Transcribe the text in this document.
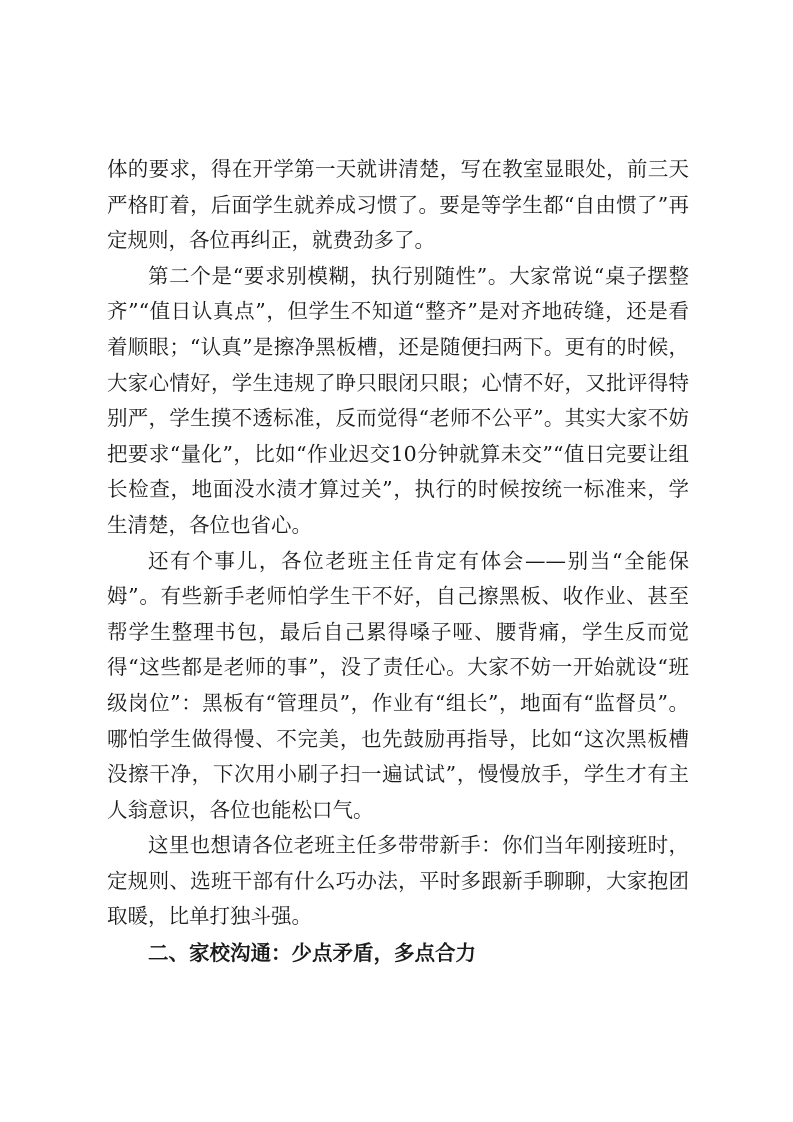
体的要求，得在开学第一天就讲清楚，写在教室显眼处，前三天严格盯着，后面学生就养成习惯了。要是等学生都“自由惯了”再定规则，各位再纠正，就费劲多了。

第二个是“要求别模糊，执行别随性”。大家常说“桌子摆整齐”“值日认真点”，但学生不知道“整齐”是对齐地砖缝，还是看着顺眼；“认真”是擦净黑板槽，还是随便扫两下。更有的时候，大家心情好，学生违规了睁只眼闭只眼；心情不好，又批评得特别严，学生摸不透标准，反而觉得“老师不公平”。其实大家不妨把要求“量化”，比如“作业迟交10分钟就算未交”“值日完要让组长检查，地面没水渍才算过关”，执行的时候按统一标准来，学生清楚，各位也省心。

还有个事儿，各位老班主任肯定有体会——别当“全能保姆”。有些新手老师怕学生干不好，自己擦黑板、收作业、甚至帮学生整理书包，最后自己累得嗓子哑、腰背痛，学生反而觉得“这些都是老师的事”，没了责任心。大家不妨一开始就设“班级岗位”：黑板有“管理员”，作业有“组长”，地面有“监督员”。哪怕学生做得慢、不完美，也先鼓励再指导，比如“这次黑板槽没擦干净，下次用小刷子扫一遍试试”，慢慢放手，学生才有主人翁意识，各位也能松口气。

这里也想请各位老班主任多带带新手：你们当年刚接班时，定规则、选班干部有什么巧办法，平时多跟新手聊聊，大家抱团取暖，比单打独斗强。

二、家校沟通：少点矛盾，多点合力
